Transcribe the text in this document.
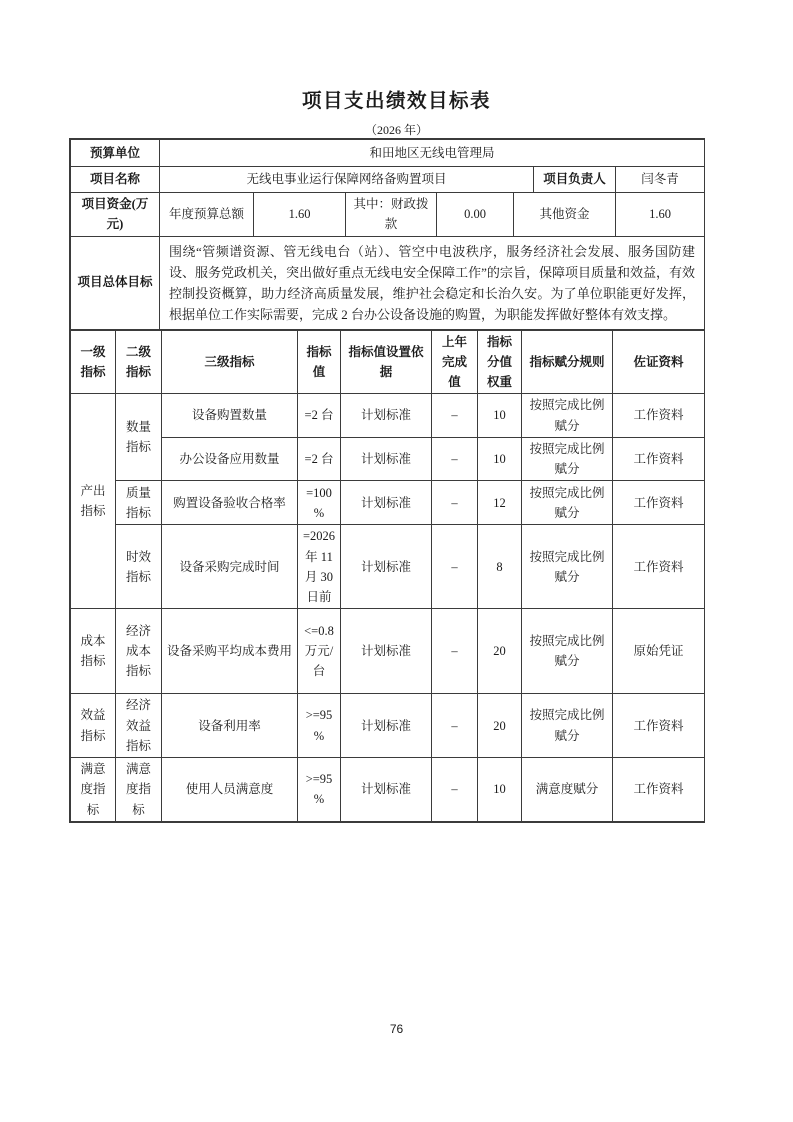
项目支出绩效目标表
（2026 年）
预算单位	和田地区无线电管理局						
项目名称	无线电事业运行保障网络备购置项目					项目负责人	闫冬青
项目资金(万元)	年度预算总额	1.60	其中：财政拨款	0.00	其他资金		1.60
项目总体目标	围绕“管频谱资源、管无线电台（站）、管空中电波秩序，服务经济社会发展、服务国防建设、服务党政机关，突出做好重点无线电安全保障工作”的宗旨，保障项目质量和效益，有效控制投资概算，助力经济高质量发展，维护社会稳定和长治久安。为了单位职能更好发挥，根据单位工作实际需要，完成 2 台办公设备设施的购置，为职能发挥做好整体有效支撑。						
一级指标	二级指标	三级指标	指标值	指标值设置依据	上年完成值	指标分值权重	指标赋分规则	佐证资料
产出指标	数量指标	设备购置数量	=2 台	计划标准	–	10	按照完成比例赋分	工作资料
		办公设备应用数量	=2 台	计划标准	–	10	按照完成比例赋分	工作资料
	质量指标	购置设备验收合格率	=100%	计划标准	–	12	按照完成比例赋分	工作资料
	时效指标	设备采购完成时间	=2026 年 11 月 30 日前	计划标准	–	8	按照完成比例赋分	工作资料
成本指标	经济成本指标	设备采购平均成本费用	<=0.8 万元/台	计划标准	–	20	按照完成比例赋分	原始凭证
效益指标	经济效益指标	设备利用率	>=95%	计划标准	–	20	按照完成比例赋分	工作资料
满意度指标	满意度指标	使用人员满意度	>=95%	计划标准	–	10	满意度赋分	工作资料
76
